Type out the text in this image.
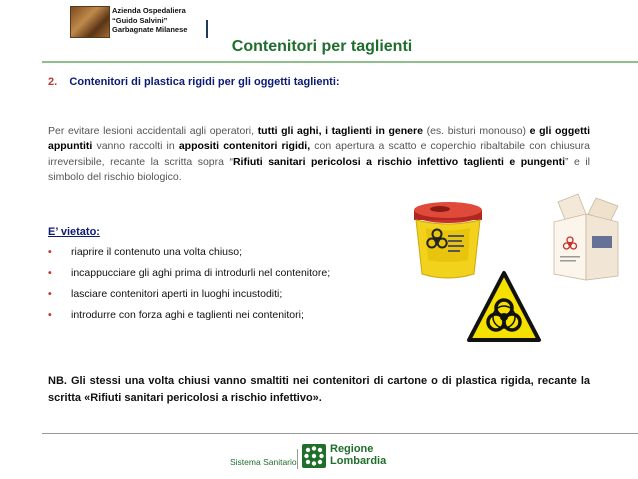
Azienda Ospedaliera
“Guido Salvini”
Garbagnate Milanese
Contenitori per taglienti
2. Contenitori di plastica rigidi per gli oggetti taglienti:
Per evitare lesioni accidentali agli operatori, tutti gli aghi, i taglienti in genere (es. bisturi monouso) e gli oggetti appuntiti vanno raccolti in appositi contenitori rigidi, con apertura a scatto e coperchio ribaltabile con chiusura irreversibile, recante la scritta sopra “Rifiuti sanitari pericolosi a rischio infettivo taglienti e pungenti” e il simbolo del rischio biologico.
E’ vietato:
•	riaprire il contenuto una volta chiuso;
•	incappucciare gli aghi prima di introdurli nel contenitore;
•	lasciare contenitori aperti in luoghi incustoditi;
•	introdurre con forza aghi e taglienti nei contenitori;
NB. Gli stessi una volta chiusi vanno smaltiti nei contenitori di cartone o di plastica rigida, recante la scritta «Rifiuti sanitari pericolosi a rischio infettivo».
Sistema Sanitario
Regione
Lombardia
